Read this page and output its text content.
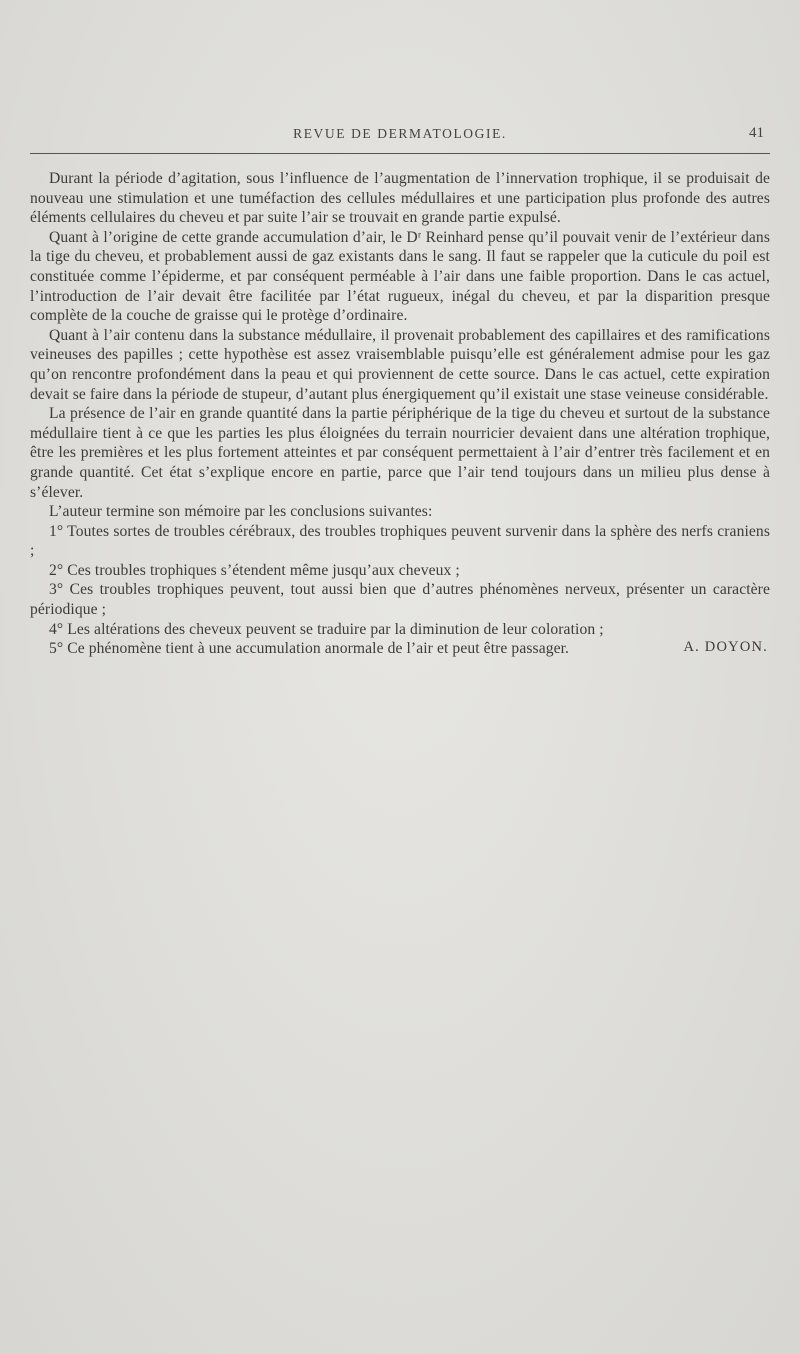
REVUE DE DERMATOLOGIE.	41

Durant la période d’agitation, sous l’influence de l’augmentation de l’innervation trophique, il se produisait de nouveau une stimulation et une tuméfaction des cellules médullaires et une participation plus profonde des autres éléments cellulaires du cheveu et par suite l’air se trouvait en grande partie expulsé.

Quant à l’origine de cette grande accumulation d’air, le Dʳ Reinhard pense qu’il pouvait venir de l’extérieur dans la tige du cheveu, et probablement aussi de gaz existants dans le sang. Il faut se rappeler que la cuticule du poil est constituée comme l’épiderme, et par conséquent perméable à l’air dans une faible proportion. Dans le cas actuel, l’introduction de l’air devait être facilitée par l’état rugueux, inégal du cheveu, et par la disparition presque complète de la couche de graisse qui le protège d’ordinaire.

Quant à l’air contenu dans la substance médullaire, il provenait probablement des capillaires et des ramifications veineuses des papilles ; cette hypothèse est assez vraisemblable puisqu’elle est généralement admise pour les gaz qu’on rencontre profondément dans la peau et qui proviennent de cette source. Dans le cas actuel, cette expiration devait se faire dans la période de stupeur, d’autant plus énergiquement qu’il existait une stase veineuse considérable.

La présence de l’air en grande quantité dans la partie périphérique de la tige du cheveu et surtout de la substance médullaire tient à ce que les parties les plus éloignées du terrain nourricier devaient dans une altération trophique, être les premières et les plus fortement atteintes et par conséquent permettaient à l’air d’entrer très facilement et en grande quantité. Cet état s’explique encore en partie, parce que l’air tend toujours dans un milieu plus dense à s’élever.

L’auteur termine son mémoire par les conclusions suivantes:

1° Toutes sortes de troubles cérébraux, des troubles trophiques peuvent survenir dans la sphère des nerfs craniens ;

2° Ces troubles trophiques s’étendent même jusqu’aux cheveux ;

3° Ces troubles trophiques peuvent, tout aussi bien que d’autres phénomènes nerveux, présenter un caractère périodique ;

4° Les altérations des cheveux peuvent se traduire par la diminution de leur coloration ;

5° Ce phénomène tient à une accumulation anormale de l’air et peut être passager.	A. DOYON.
